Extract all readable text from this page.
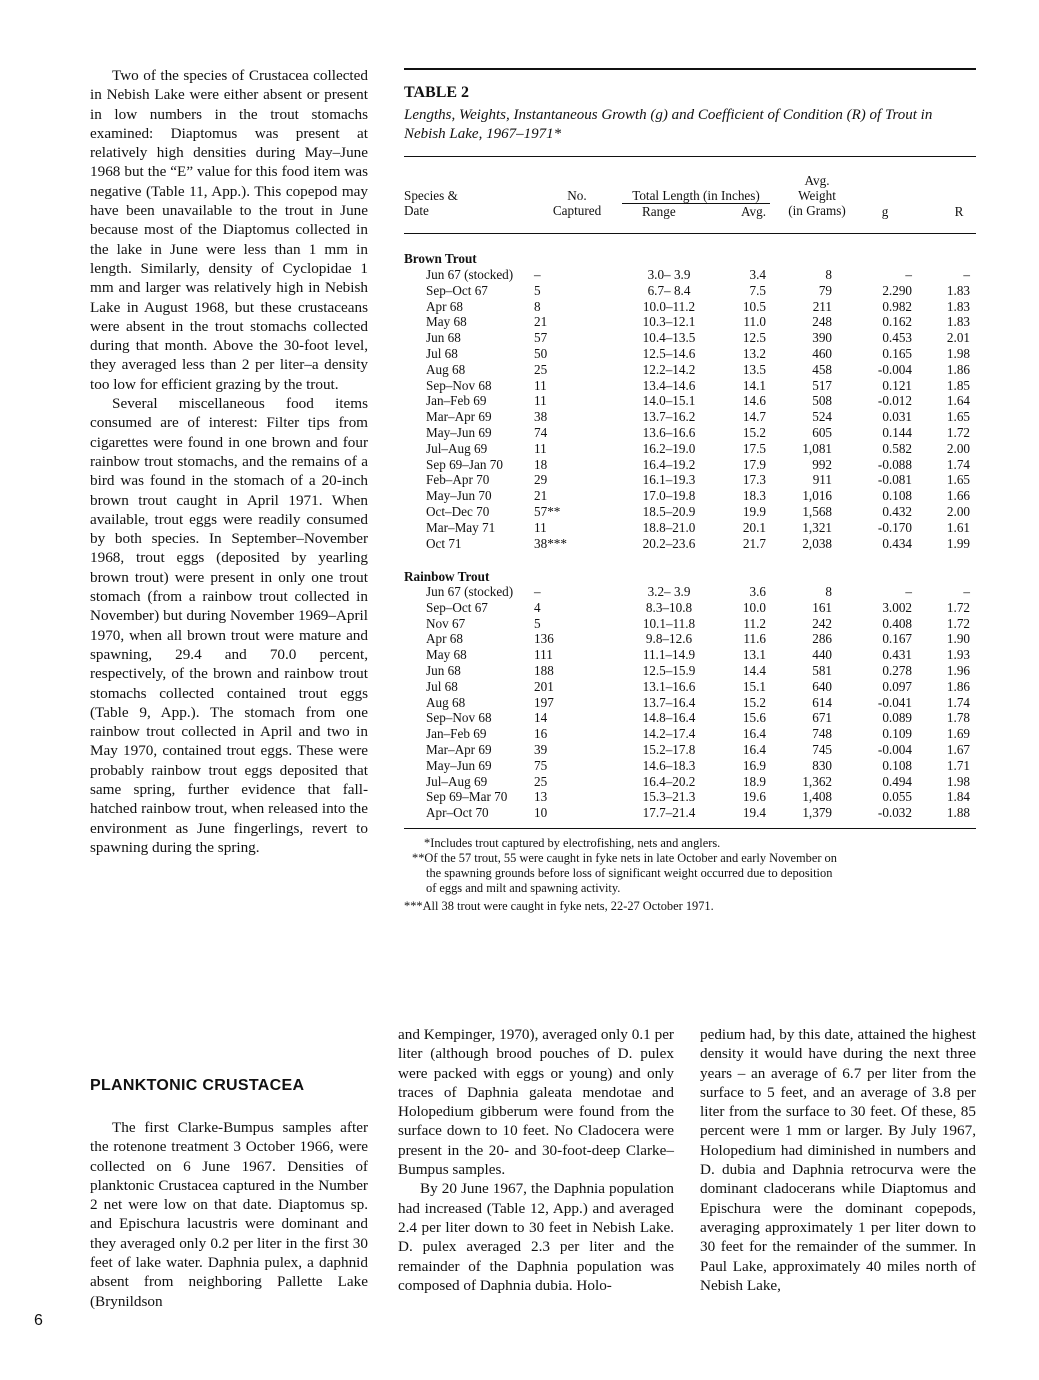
Two of the species of Crustacea collected in Nebish Lake were either absent or present in low numbers in the trout stomachs examined: Diaptomus was present at relatively high densities during May–June 1968 but the “E” value for this food item was negative (Table 11, App.). This copepod may have been unavailable to the trout in June because most of the Diaptomus collected in the lake in June were less than 1 mm in length. Similarly, density of Cyclopidae 1 mm and larger was relatively high in Nebish Lake in August 1968, but these crustaceans were absent in the trout stomachs collected during that month. Above the 30-foot level, they averaged less than 2 per liter–a density too low for efficient grazing by the trout.

Several miscellaneous food items consumed are of interest: Filter tips from cigarettes were found in one brown and four rainbow trout stomachs, and the remains of a bird was found in the stomach of a 20-inch brown trout caught in April 1971. When available, trout eggs were readily consumed by both species. In September–November 1968, trout eggs (deposited by yearling brown trout) were present in only one trout stomach (from a rainbow trout collected in November) but during November 1969–April 1970, when all brown trout were mature and spawning, 29.4 and 70.0 percent, respectively, of the brown and rainbow trout stomachs collected contained trout eggs (Table 9, App.). The stomach from one rainbow trout collected in April and two in May 1970, contained trout eggs. These were probably rainbow trout eggs deposited that same spring, further evidence that fall-hatched rainbow trout, when released into the environment as June fingerlings, revert to spawning during the spring.

PLANKTONIC CRUSTACEA

The first Clarke-Bumpus samples after the rotenone treatment 3 October 1966, were collected on 6 June 1967. Densities of planktonic Crustacea captured in the Number 2 net were low on that date. Diaptomus sp. and Epischura lacustris were dominant and they averaged only 0.2 per liter in the first 30 feet of lake water. Daphnia pulex, a daphnid absent from neighboring Pallette Lake (Brynildson

and Kempinger, 1970), averaged only 0.1 per liter (although brood pouches of D. pulex were packed with eggs or young) and only traces of Daphnia galeata mendotae and Holopedium gibberum were found from the surface down to 10 feet. No Cladocera were present in the 20- and 30-foot-deep Clarke–Bumpus samples.

By 20 June 1967, the Daphnia population had increased (Table 12, App.) and averaged 2.4 per liter down to 30 feet in Nebish Lake. D. pulex averaged 2.3 per liter and the remainder of the Daphnia population was composed of Daphnia dubia. Holo-

pedium had, by this date, attained the highest density it would have during the next three years – an average of 6.7 per liter from the surface to 5 feet, and an average of 3.8 per liter from the surface to 30 feet. Of these, 85 percent were 1 mm or larger. By July 1967, Holopedium had diminished in numbers and D. dubia and Daphnia retrocurva were the dominant cladocerans while Diaptomus and Epischura were the dominant copepods, averaging approximately 1 per liter down to 30 feet for the remainder of the summer. In Paul Lake, approximately 40 miles north of Nebish Lake,

6
TABLE 2
Lengths, Weights, Instantaneous Growth (g) and Coefficient of Condition (R) of Trout in Nebish Lake, 1967–1971*
Species &
Date
No.
Captured
Total Length (in Inches)
Range	Avg.
Avg.
Weight
(in Grams)	g	R
Brown Trout
Jun 67 (stocked) –	3.0– 3.9	3.4	8	–	–
Sep–Oct 67	5	6.7– 8.4	7.5	79	2.290	1.83
Apr 68	8	10.0–11.2	10.5	211	0.982	1.83
May 68	21	10.3–12.1	11.0	248	0.162	1.83
Jun 68	57	10.4–13.5	12.5	390	0.453	2.01
Jul 68	50	12.5–14.6	13.2	460	0.165	1.98
Aug 68	25	12.2–14.2	13.5	458	-0.004	1.86
Sep–Nov 68	11	13.4–14.6	14.1	517	0.121	1.85
Jan–Feb 69	11	14.0–15.1	14.6	508	-0.012	1.64
Mar–Apr 69	38	13.7–16.2	14.7	524	0.031	1.65
May–Jun 69	74	13.6–16.6	15.2	605	0.144	1.72
Jul–Aug 69	11	16.2–19.0	17.5	1,081	0.582	2.00
Sep 69–Jan 70 18	16.4–19.2	17.9	992	-0.088	1.74
Feb–Apr 70	29	16.1–19.3	17.3	911	-0.081	1.65
May–Jun 70	21	17.0–19.8	18.3	1,016	0.108	1.66
Oct–Dec 70	57**	18.5–20.9	19.9	1,568	0.432	2.00
Mar–May 71	11	18.8–21.0	20.1	1,321	-0.170	1.61
Oct 71	38***	20.2–23.6	21.7	2,038	0.434	1.99
Rainbow Trout
Jun 67 (stocked) –	3.2– 3.9	3.6	8	–	–
Sep–Oct 67	4	8.3–10.8	10.0	161	3.002	1.72
Nov 67	5	10.1–11.8	11.2	242	0.408	1.72
Apr 68	136	9.8–12.6	11.6	286	0.167	1.90
May 68	111	11.1–14.9	13.1	440	0.431	1.93
Jun 68	188	12.5–15.9	14.4	581	0.278	1.96
Jul 68	201	13.1–16.6	15.1	640	0.097	1.86
Aug 68	197	13.7–16.4	15.2	614	-0.041	1.74
Sep–Nov 68	14	14.8–16.4	15.6	671	0.089	1.78
Jan–Feb 69	16	14.2–17.4	16.4	748	0.109	1.69
Mar–Apr 69	39	15.2–17.8	16.4	745	-0.004	1.67
May–Jun 69	75	14.6–18.3	16.9	830	0.108	1.71
Jul–Aug 69	25	16.4–20.2	18.9	1,362	0.494	1.98
Sep 69–Mar 70 13	15.3–21.3	19.6	1,408	0.055	1.84
Apr–Oct 70	10	17.7–21.4	19.4	1,379	-0.032	1.88
*Includes trout captured by electrofishing, nets and anglers.
**Of the 57 trout, 55 were caught in fyke nets in late October and early November on
the spawning grounds before loss of significant weight occurred due to deposition
of eggs and milt and spawning activity.
***All 38 trout were caught in fyke nets, 22-27 October 1971.
